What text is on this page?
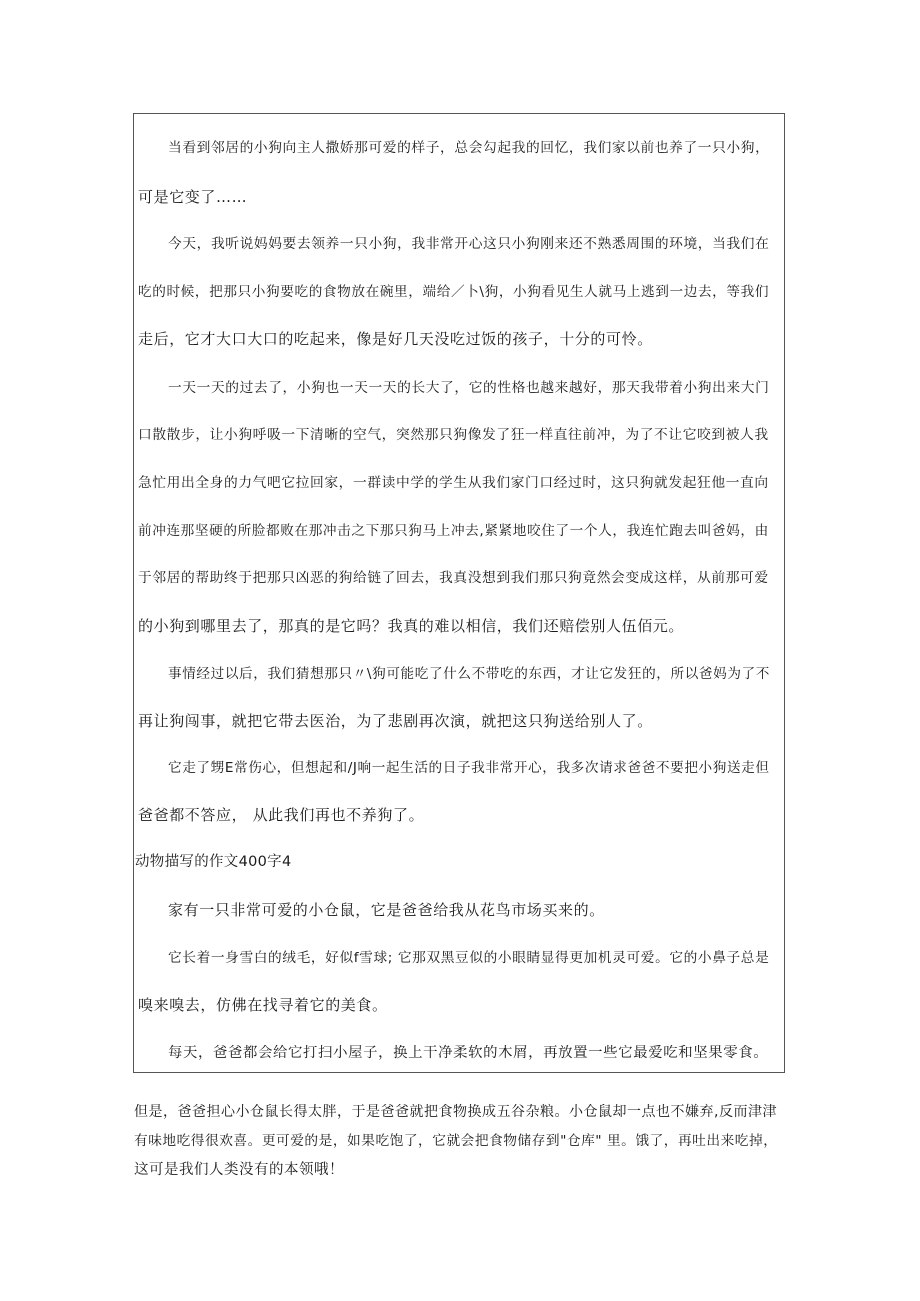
当看到邻居的小狗向主人撒娇那可爱的样子，总会勾起我的回忆，我们家以前也养了一只小狗，

可是它变了……

今天，我听说妈妈要去领养一只小狗，我非常开心这只小狗刚来还不熟悉周围的环境，当我们在

吃的时候，把那只小狗要吃的食物放在碗里，端给／卜\狗，小狗看见生人就马上逃到一边去，等我们

走后，它才大口大口的吃起来，像是好几天没吃过饭的孩子，十分的可怜。

一天一天的过去了，小狗也一天一天的长大了，它的性格也越来越好，那天我带着小狗出来大门

口散散步，让小狗呼吸一下清晰的空气，突然那只狗像发了狂一样直往前冲，为了不让它咬到被人我

急忙用出全身的力气吧它拉回家，一群读中学的学生从我们家门口经过时，这只狗就发起狂他一直向

前冲连那坚硬的所脸都败在那冲击之下那只狗马上冲去,紧紧地咬住了一个人，我连忙跑去叫爸妈，由

于邻居的帮助终于把那只凶恶的狗给链了回去，我真没想到我们那只狗竟然会变成这样，从前那可爱

的小狗到哪里去了，那真的是它吗？我真的难以相信，我们还赔偿别人伍佰元。

事情经过以后，我们猜想那只〃\狗可能吃了什么不带吃的东西，才让它发狂的，所以爸妈为了不

再让狗闯事，就把它带去医治，为了悲剧再次演，就把这只狗送给别人了。

它走了甥E常伤心，但想起和/J响一起生活的日子我非常开心，我多次请求爸爸不要把小狗送走但

爸爸都不答应， 从此我们再也不养狗了。

动物描写的作文400字4

家有一只非常可爱的小仓鼠，它是爸爸给我从花鸟市场买来的。

它长着一身雪白的绒毛，好似f雪球; 它那双黑豆似的小眼睛显得更加机灵可爱。它的小鼻子总是

嗅来嗅去，仿佛在找寻着它的美食。

每天，爸爸都会给它打扫小屋子，换上干净柔软的木屑，再放置一些它最爱吃和坚果零食。

但是，爸爸担心小仓鼠长得太胖，于是爸爸就把食物换成五谷杂粮。小仓鼠却一点也不嫌弃,反而津津

有味地吃得很欢喜。更可爱的是，如果吃饱了，它就会把食物储存到"仓库" 里。饿了，再吐出来吃掉，

这可是我们人类没有的本领哦！
